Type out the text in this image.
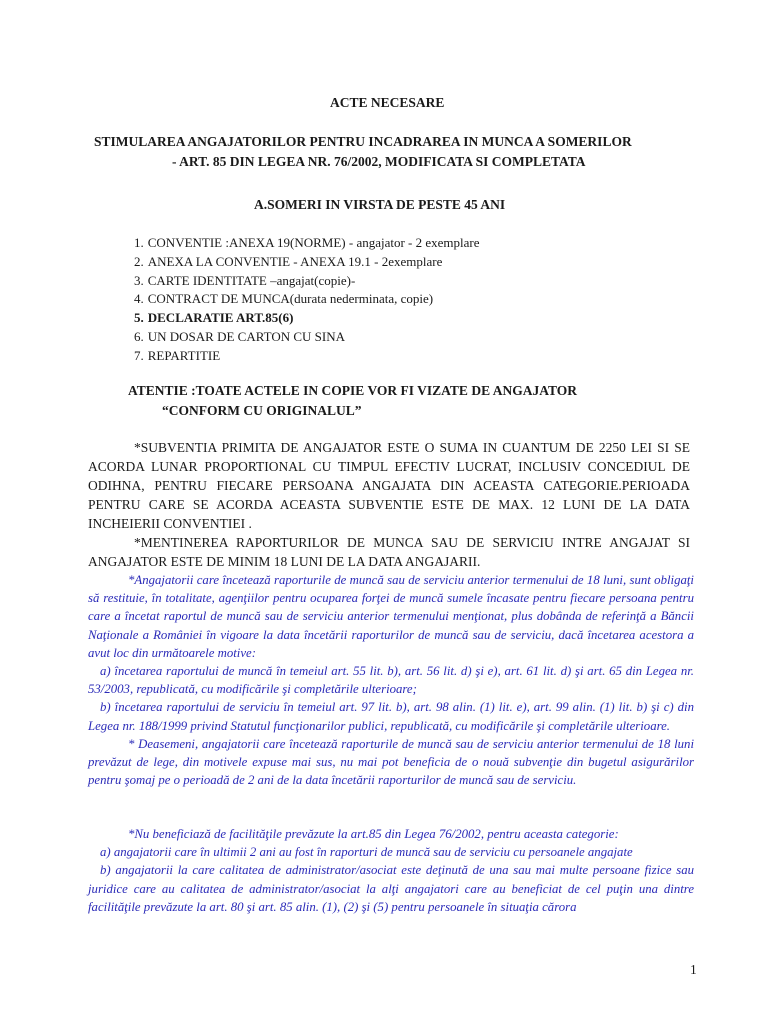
ACTE NECESARE
STIMULAREA ANGAJATORILOR PENTRU INCADRAREA IN MUNCA A SOMERILOR
- ART. 85 DIN LEGEA NR. 76/2002, MODIFICATA SI COMPLETATA
A.SOMERI IN VIRSTA DE PESTE 45 ANI
1. CONVENTIE :ANEXA 19(NORME) - angajator - 2 exemplare
2. ANEXA LA CONVENTIE - ANEXA 19.1 - 2exemplare
3. CARTE IDENTITATE –angajat(copie)-
4. CONTRACT DE MUNCA(durata nederminata, copie)
5. DECLARATIE ART.85(6)
6. UN DOSAR DE CARTON CU SINA
7. REPARTITIE
ATENTIE :TOATE ACTELE IN COPIE VOR FI VIZATE DE ANGAJATOR
“CONFORM CU ORIGINALUL”
*SUBVENTIA PRIMITA DE ANGAJATOR ESTE O SUMA IN CUANTUM DE 2250 LEI SI SE ACORDA LUNAR PROPORTIONAL CU TIMPUL EFECTIV LUCRAT, INCLUSIV CONCEDIUL DE ODIHNA, PENTRU FIECARE PERSOANA ANGAJATA DIN ACEASTA CATEGORIE.PERIOADA PENTRU CARE SE ACORDA ACEASTA SUBVENTIE ESTE DE MAX. 12 LUNI DE LA DATA INCHEIERII CONVENTIEI .
*MENTINEREA RAPORTURILOR DE MUNCA SAU DE SERVICIU INTRE ANGAJAT SI ANGAJATOR ESTE DE MINIM 18 LUNI DE LA DATA ANGAJARII.
*Angajatorii care încetează raporturile de muncă sau de serviciu anterior termenului de 18 luni, sunt obligaţi să restituie, în totalitate, agenţiilor pentru ocuparea forţei de muncă sumele încasate pentru fiecare persoana pentru care a încetat raportul de muncă sau de serviciu anterior termenului menţionat, plus dobânda de referinţă a Băncii Naţionale a României în vigoare la data încetării raporturilor de muncă sau de serviciu, dacă încetarea acestora a avut loc din următoarele motive:
a) încetarea raportului de muncă în temeiul art. 55 lit. b), art. 56 lit. d) şi e), art. 61 lit. d) şi art. 65 din Legea nr. 53/2003, republicată, cu modificările şi completările ulterioare;
b) încetarea raportului de serviciu în temeiul art. 97 lit. b), art. 98 alin. (1) lit. e), art. 99 alin. (1) lit. b) şi c) din Legea nr. 188/1999 privind Statutul funcţionarilor publici, republicată, cu modificările şi completările ulterioare.
* Deasemeni, angajatorii care încetează raporturile de muncă sau de serviciu anterior termenului de 18 luni prevăzut de lege, din motivele expuse mai sus, nu mai pot beneficia de o nouă subvenţie din bugetul asigurărilor pentru şomaj pe o perioadă de 2 ani de la data încetării raporturilor de muncă sau de serviciu.
*Nu beneficiază de facilităţile prevăzute la art.85 din Legea 76/2002, pentru aceasta categorie:
a) angajatorii care în ultimii 2 ani au fost în raporturi de muncă sau de serviciu cu persoanele angajate
b) angajatorii la care calitatea de administrator/asociat este deţinută de una sau mai multe persoane fizice sau juridice care au calitatea de administrator/asociat la alţi angajatori care au beneficiat de cel puţin una dintre facilităţile prevăzute la art. 80 şi art. 85 alin. (1), (2) şi (5) pentru persoanele în situaţia cărora
1
